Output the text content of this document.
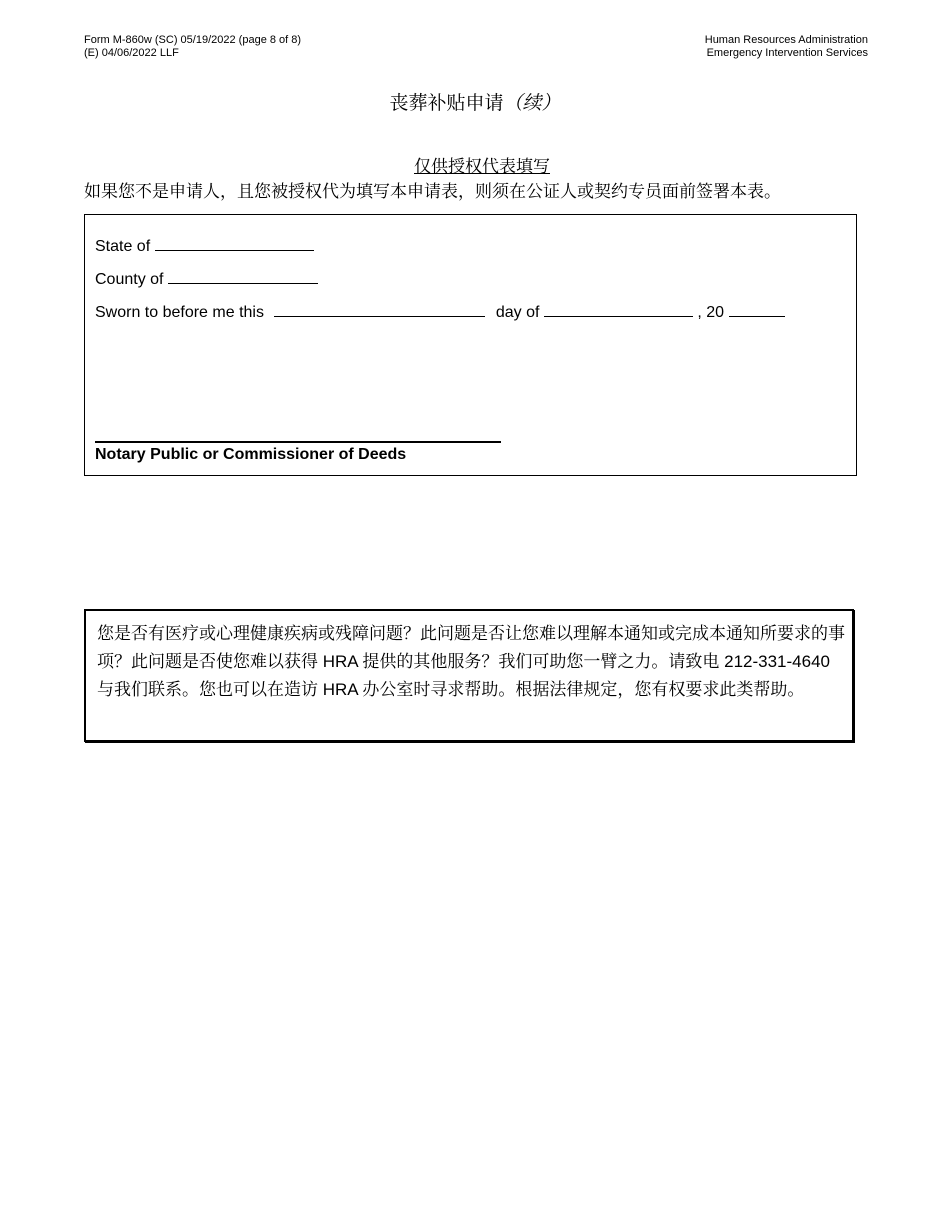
Form M-860w (SC) 05/19/2022 (page 8 of 8)
(E) 04/06/2022 LLF
Human Resources Administration
Emergency Intervention Services
丧葬补贴申请（续）
仅供授权代表填写
如果您不是申请人，且您被授权代为填写本申请表，则须在公证人或契约专员面前签署本表。
State of
County of
Sworn to before me this	day of	, 20
Notary Public or Commissioner of Deeds
您是否有医疗或心理健康疾病或残障问题？此问题是否让您难以理解本通知或完成本通知所要求的事项？此问题是否使您难以获得 HRA 提供的其他服务？我们可助您一臂之力。请致电 212-331-4640 与我们联系。您也可以在造访 HRA 办公室时寻求帮助。根据法律规定，您有权要求此类帮助。
